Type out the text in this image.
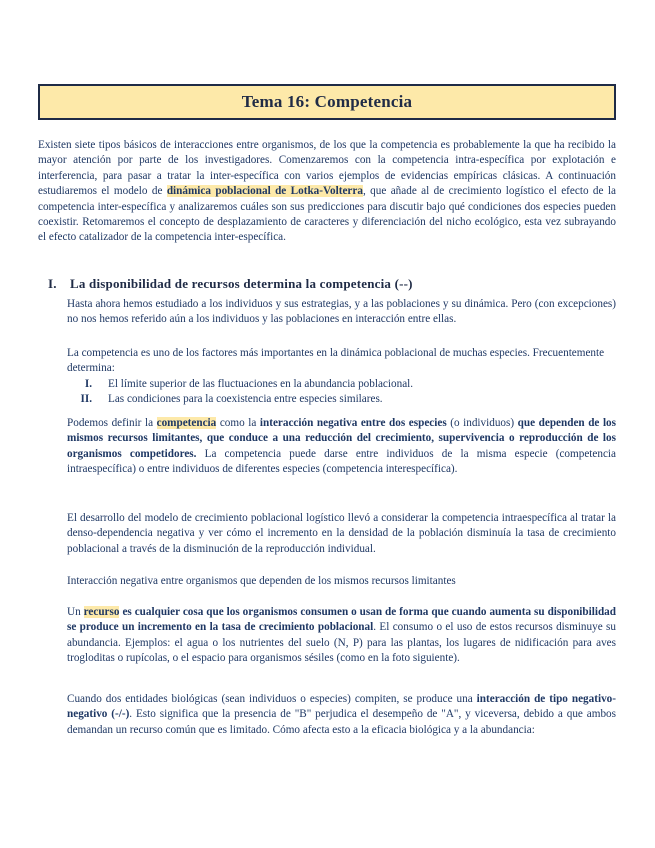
Tema 16: Competencia
Existen siete tipos básicos de interacciones entre organismos, de los que la competencia es probablemente la que ha recibido la mayor atención por parte de los investigadores. Comenzaremos con la competencia intra-específica por explotación e interferencia, para pasar a tratar la inter-específica con varios ejemplos de evidencias empíricas clásicas. A continuación estudiaremos el modelo de dinámica poblacional de Lotka-Volterra, que añade al de crecimiento logístico el efecto de la competencia inter-específica y analizaremos cuáles son sus predicciones para discutir bajo qué condiciones dos especies pueden coexistir. Retomaremos el concepto de desplazamiento de caracteres y diferenciación del nicho ecológico, esta vez subrayando el efecto catalizador de la competencia inter-específica.
I. La disponibilidad de recursos determina la competencia (--)
Hasta ahora hemos estudiado a los individuos y sus estrategias, y a las poblaciones y su dinámica. Pero (con excepciones) no nos hemos referido aún a los individuos y las poblaciones en interacción entre ellas.
La competencia es uno de los factores más importantes en la dinámica poblacional de muchas especies. Frecuentemente determina:
I. El límite superior de las fluctuaciones en la abundancia poblacional.
II. Las condiciones para la coexistencia entre especies similares.
Podemos definir la competencia como la interacción negativa entre dos especies (o individuos) que dependen de los mismos recursos limitantes, que conduce a una reducción del crecimiento, supervivencia o reproducción de los organismos competidores. La competencia puede darse entre individuos de la misma especie (competencia intraespecífica) o entre individuos de diferentes especies (competencia interespecífica).
El desarrollo del modelo de crecimiento poblacional logístico llevó a considerar la competencia intraespecífica al tratar la denso-dependencia negativa y ver cómo el incremento en la densidad de la población disminuía la tasa de crecimiento poblacional a través de la disminución de la reproducción individual.
Interacción negativa entre organismos que dependen de los mismos recursos limitantes
Un recurso es cualquier cosa que los organismos consumen o usan de forma que cuando aumenta su disponibilidad se produce un incremento en la tasa de crecimiento poblacional. El consumo o el uso de estos recursos disminuye su abundancia. Ejemplos: el agua o los nutrientes del suelo (N, P) para las plantas, los lugares de nidificación para aves trogloditas o rupícolas, o el espacio para organismos sésiles (como en la foto siguiente).
Cuando dos entidades biológicas (sean individuos o especies) compiten, se produce una interacción de tipo negativo-negativo (-/-). Esto significa que la presencia de "B" perjudica el desempeño de "A", y viceversa, debido a que ambos demandan un recurso común que es limitado. Cómo afecta esto a la eficacia biológica y a la abundancia:
